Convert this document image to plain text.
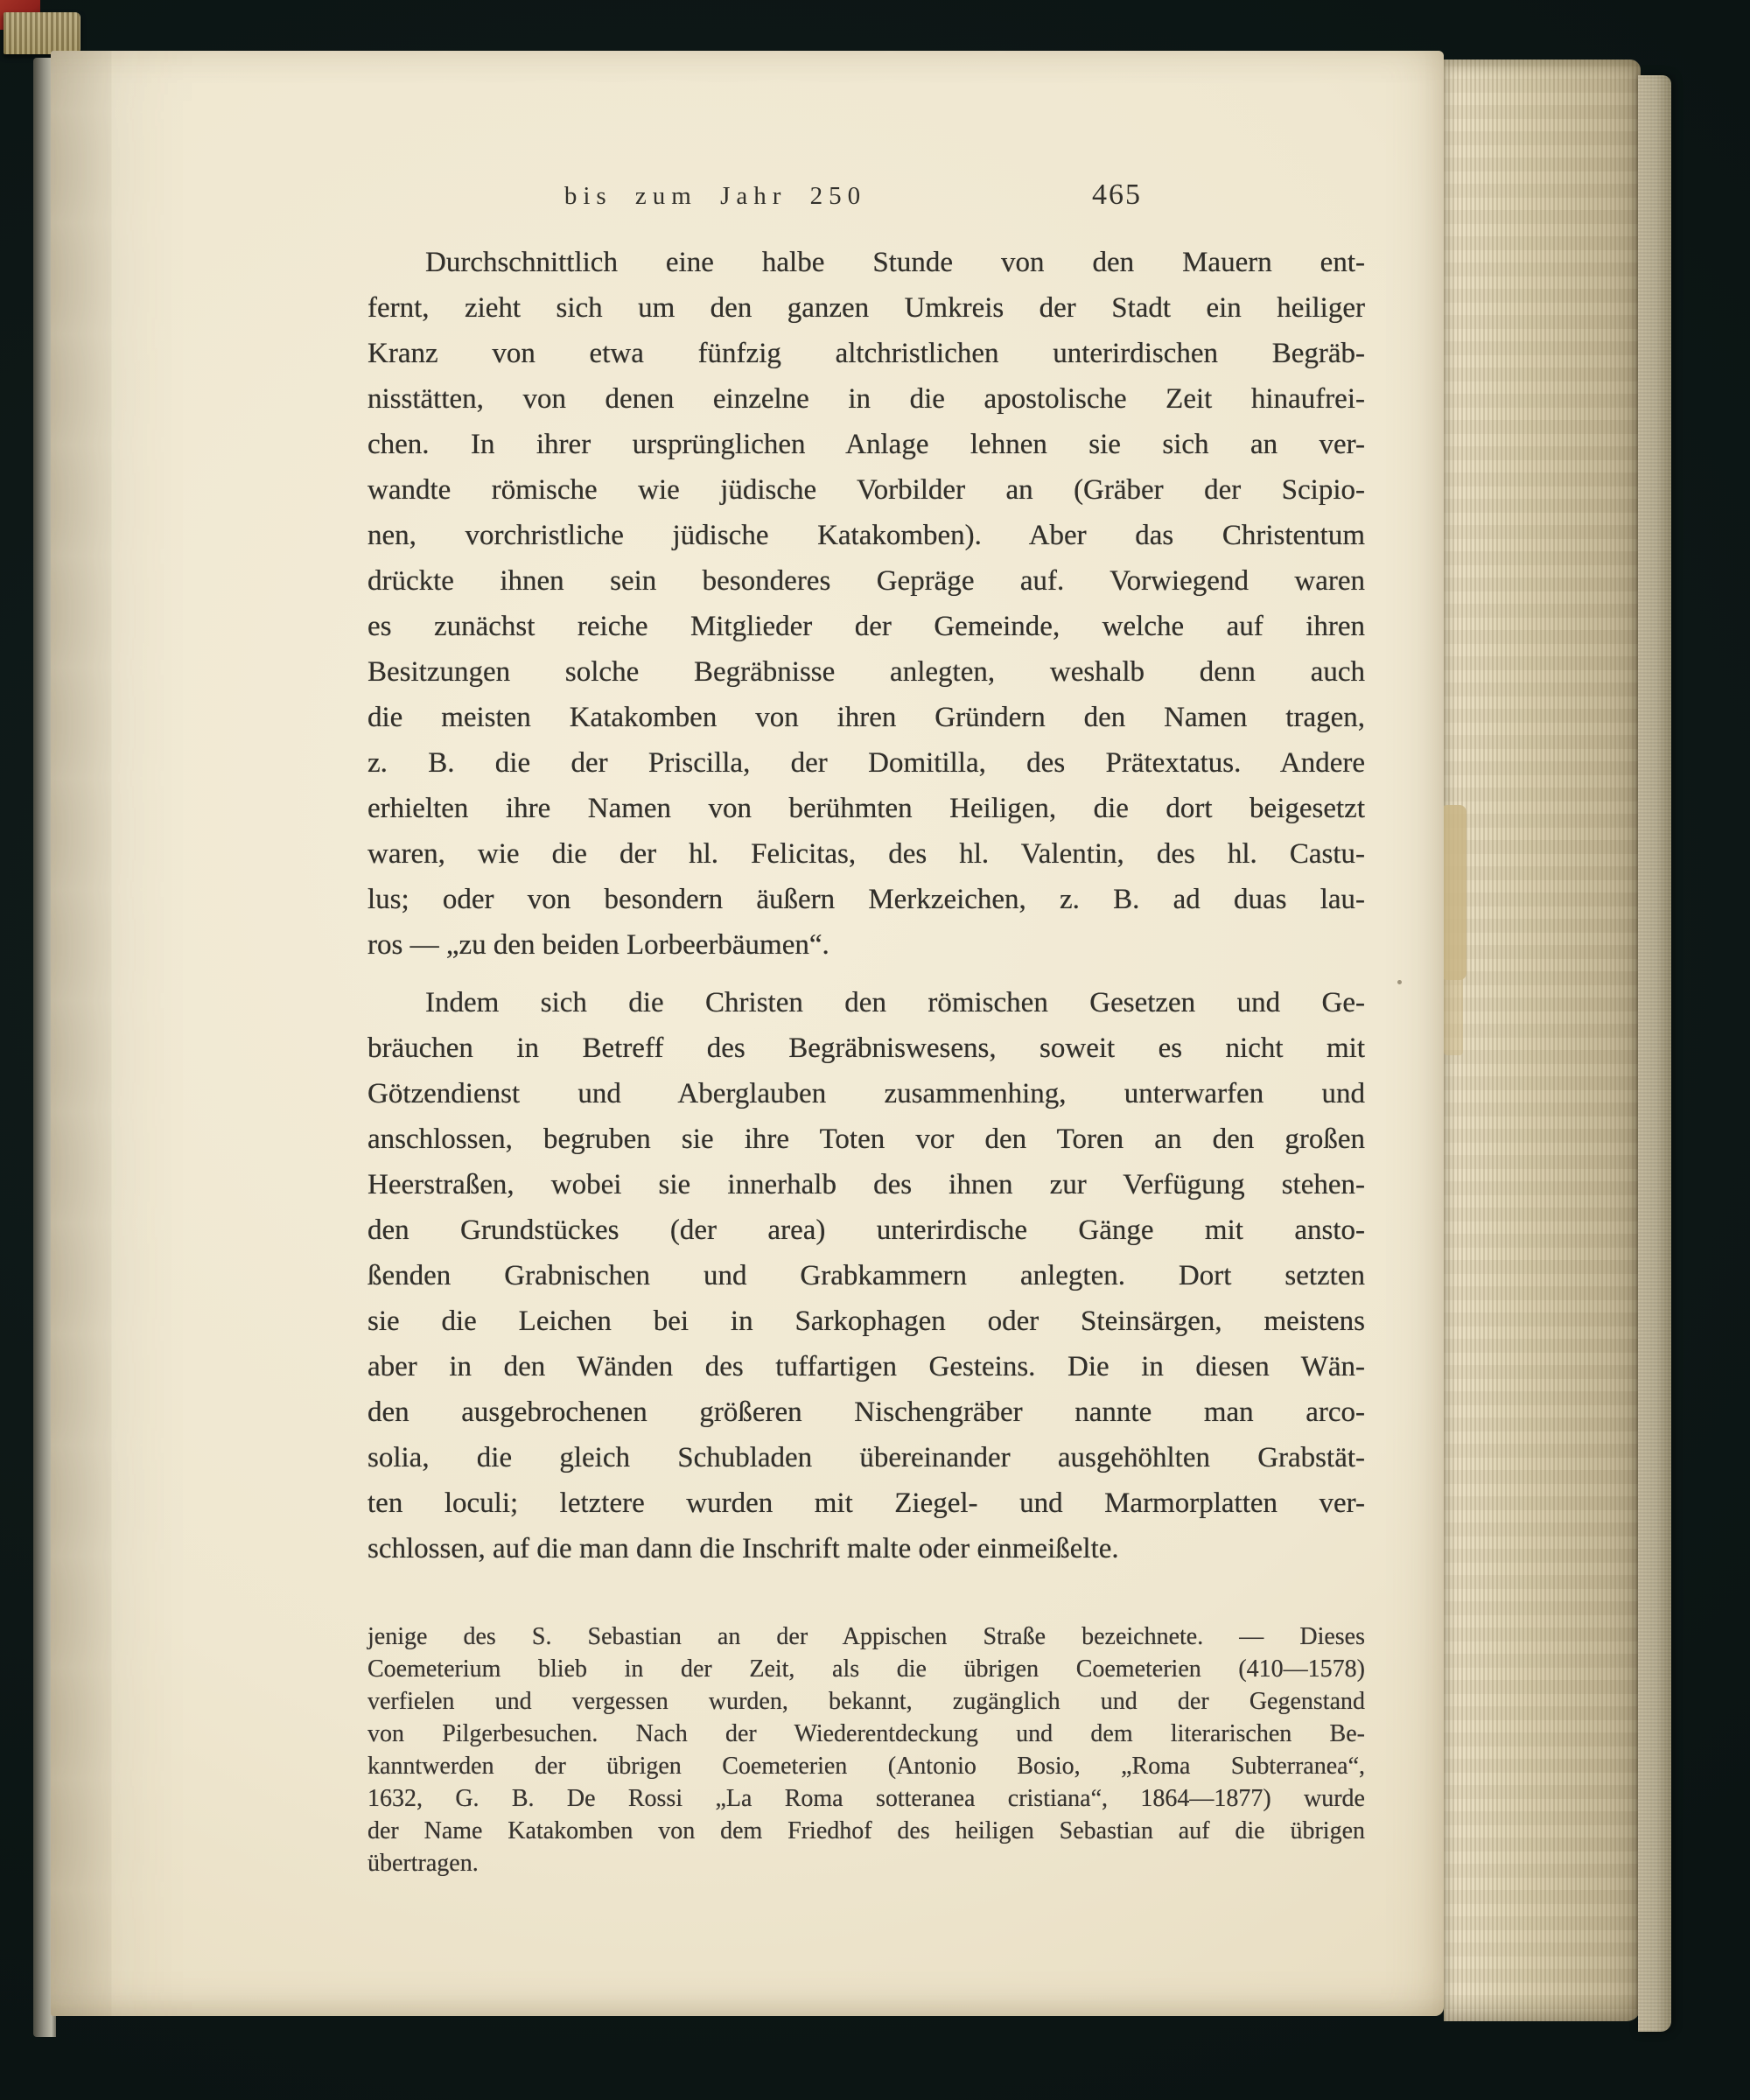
bis zum Jahr 250	465
Durchschnittlich eine halbe Stunde von den Mauern ent-
fernt, zieht sich um den ganzen Umkreis der Stadt ein heiliger
Kranz von etwa fünfzig altchristlichen unterirdischen Begräb-
nisstätten, von denen einzelne in die apostolische Zeit hinaufrei-
chen. In ihrer ursprünglichen Anlage lehnen sie sich an ver-
wandte römische wie jüdische Vorbilder an (Gräber der Scipio-
nen, vorchristliche jüdische Katakomben). Aber das Christentum
drückte ihnen sein besonderes Gepräge auf. Vorwiegend waren
es zunächst reiche Mitglieder der Gemeinde, welche auf ihren
Besitzungen solche Begräbnisse anlegten, weshalb denn auch
die meisten Katakomben von ihren Gründern den Namen tragen,
z. B. die der Priscilla, der Domitilla, des Prätextatus. Andere
erhielten ihre Namen von berühmten Heiligen, die dort beigesetzt
waren, wie die der hl. Felicitas, des hl. Valentin, des hl. Castu-
lus; oder von besondern äußern Merkzeichen, z. B. ad duas lau-
ros — „zu den beiden Lorbeerbäumen“.
Indem sich die Christen den römischen Gesetzen und Ge-
bräuchen in Betreff des Begräbniswesens, soweit es nicht mit
Götzendienst und Aberglauben zusammenhing, unterwarfen und
anschlossen, begruben sie ihre Toten vor den Toren an den großen
Heerstraßen, wobei sie innerhalb des ihnen zur Verfügung stehen-
den Grundstückes (der area) unterirdische Gänge mit ansto-
ßenden Grabnischen und Grabkammern anlegten. Dort setzten
sie die Leichen bei in Sarkophagen oder Steinsärgen, meistens
aber in den Wänden des tuffartigen Gesteins. Die in diesen Wän-
den ausgebrochenen größeren Nischengräber nannte man arco-
solia, die gleich Schubladen übereinander ausgehöhlten Grabstät-
ten loculi; letztere wurden mit Ziegel- und Marmorplatten ver-
schlossen, auf die man dann die Inschrift malte oder einmeißelte.
jenige des S. Sebastian an der Appischen Straße bezeichnete. — Dieses
Coemeterium blieb in der Zeit, als die übrigen Coemeterien (410—1578)
verfielen und vergessen wurden, bekannt, zugänglich und der Gegenstand
von Pilgerbesuchen. Nach der Wiederentdeckung und dem literarischen Be-
kanntwerden der übrigen Coemeterien (Antonio Bosio, „Roma Subterranea“,
1632, G. B. De Rossi „La Roma sotteranea cristiana“, 1864—1877) wurde
der Name Katakomben von dem Friedhof des heiligen Sebastian auf die übrigen
übertragen.
